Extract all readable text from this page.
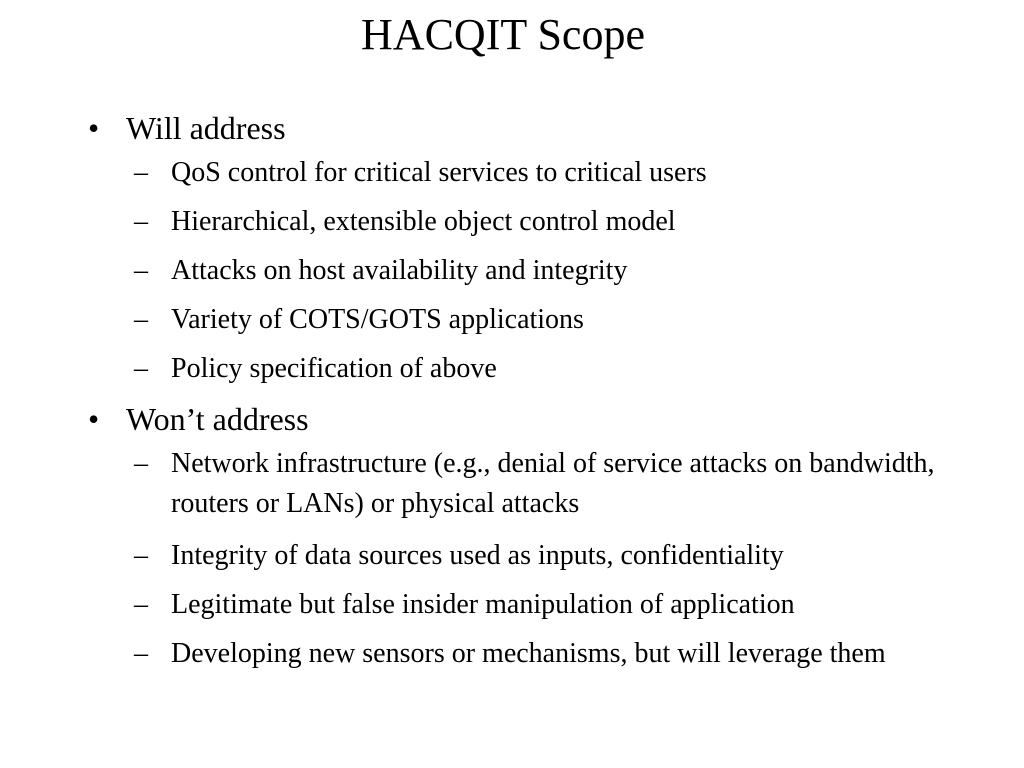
HACQIT Scope
• Will address
– QoS control for critical services to critical users
– Hierarchical, extensible object control model
– Attacks on host availability and integrity
– Variety of COTS/GOTS applications
– Policy specification of above
• Won’t address
– Network infrastructure (e.g., denial of service attacks on bandwidth, routers or LANs) or physical attacks
– Integrity of data sources used as inputs, confidentiality
– Legitimate but false insider manipulation of application
– Developing new sensors or mechanisms, but will leverage them
